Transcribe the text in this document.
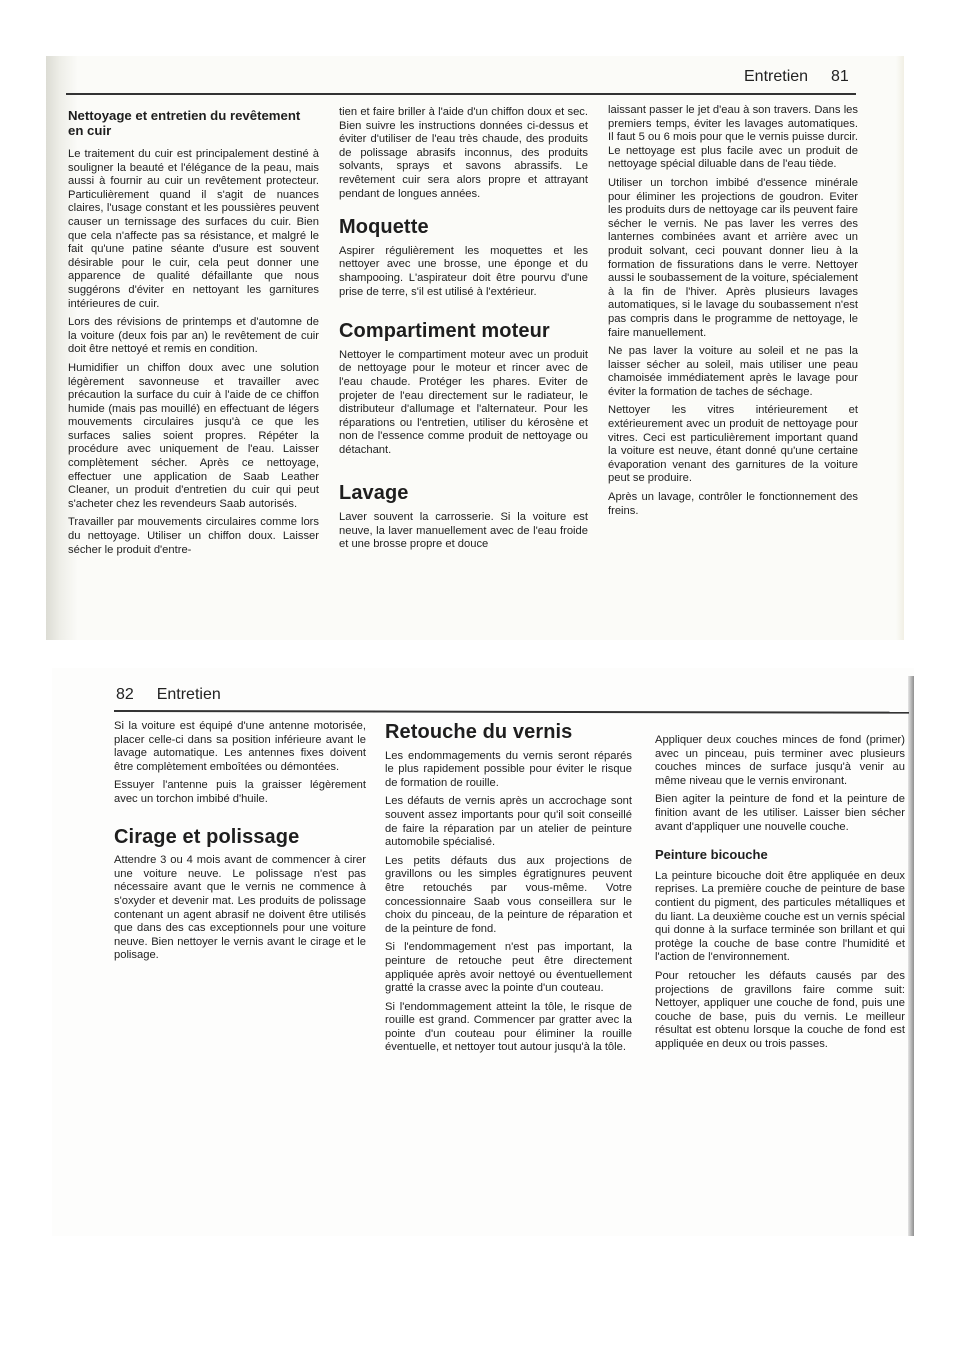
Entretien 81
Nettoyage et entretien du revêtement en cuir

Le traitement du cuir est principalement destiné à souligner la beauté et l'élégance de la peau, mais aussi à fournir au cuir un revêtement protecteur. Particulièrement quand il s'agit de nuances claires, l'usage constant et les poussières peuvent causer un ternissage des surfaces du cuir. Bien que cela n'affecte pas sa résistance, et malgré le fait qu'une patine séante d'usure est souvent désirable pour le cuir, cela peut donner une apparence de qualité défaillante que nous suggérons d'éviter en nettoyant les garnitures intérieures de cuir.

Lors des révisions de printemps et d'automne de la voiture (deux fois par an) le revêtement de cuir doit être nettoyé et remis en condition.

Humidifier un chiffon doux avec une solution légèrement savonneuse et travailler avec précaution la surface du cuir à l'aide de ce chiffon humide (mais pas mouillé) en effectuant de légers mouvements circulaires jusqu'à ce que les surfaces salies soient propres. Répéter la procédure avec uniquement de l'eau. Laisser complètement sécher. Après ce nettoyage, effectuer une application de Saab Leather Cleaner, un produit d'entretien du cuir qui peut s'acheter chez les revendeurs Saab autorisés.

Travailler par mouvements circulaires comme lors du nettoyage. Utiliser un chiffon doux. Laisser sécher le produit d'entre-

tien et faire briller à l'aide d'un chiffon doux et sec. Bien suivre les instructions données ci-dessus et éviter d'utiliser de l'eau très chaude, des produits de polissage abrasifs inconnus, des produits solvants, sprays et savons abrassifs. Le revêtement cuir sera alors propre et attrayant pendant de longues années.

Moquette

Aspirer régulièrement les moquettes et les nettoyer avec une brosse, une éponge et du shampooing. L'aspirateur doit être pourvu d'une prise de terre, s'il est utilisé à l'extérieur.

Compartiment moteur

Nettoyer le compartiment moteur avec un produit de nettoyage pour le moteur et rincer avec de l'eau chaude. Protéger les phares. Eviter de projeter de l'eau directement sur le radiateur, le distributeur d'allumage et l'alternateur. Pour les réparations ou l'entretien, utiliser du kérosène et non de l'essence comme produit de nettoyage ou détachant.

Lavage

Laver souvent la carrosserie. Si la voiture est neuve, la laver manuellement avec de l'eau froide et une brosse propre et douce

laissant passer le jet d'eau à son travers. Dans les premiers temps, éviter les lavages automatiques. Il faut 5 ou 6 mois pour que le vernis puisse durcir. Le nettoyage est plus facile avec un produit de nettoyage spécial diluable dans de l'eau tiède.

Utiliser un torchon imbibé d'essence minérale pour éliminer les projections de goudron. Eviter les produits durs de nettoyage car ils peuvent faire sécher le vernis. Ne pas laver les verres des lanternes combinées avant et arrière avec un produit solvant, ceci pouvant donner lieu à la formation de fissurations dans le verre. Nettoyer aussi le soubassement de la voiture, spécialement à la fin de l'hiver. Après plusieurs lavages automatiques, si le lavage du soubassement n'est pas compris dans le programme de nettoyage, le faire manuellement.

Ne pas laver la voiture au soleil et ne pas la laisser sécher au soleil, mais utiliser une peau chamoisée immédiatement après le lavage pour éviter la formation de taches de séchage.

Nettoyer les vitres intérieurement et extérieurement avec un produit de nettoyage pour vitres. Ceci est particulièrement important quand la voiture est neuve, étant donné qu'une certaine évaporation venant des garnitures de la voiture peut se produire.

Après un lavage, contrôler le fonctionnement des freins.

82 Entretien

Si la voiture est équipé d'une antenne motorisée, placer celle-ci dans sa position inférieure avant le lavage automatique. Les antennes fixes doivent être complètement emboîtées ou démontées.

Essuyer l'antenne puis la graisser légèrement avec un torchon imbibé d'huile.

Cirage et polissage

Attendre 3 ou 4 mois avant de commencer à cirer une voiture neuve. Le polissage n'est pas nécessaire avant que le vernis ne commence à s'oxyder et devenir mat. Les produits de polissage contenant un agent abrasif ne doivent être utilisés que dans des cas exceptionnels pour une voiture neuve. Bien nettoyer le vernis avant le cirage et le polisage.

Retouche du vernis

Les endommagements du vernis seront réparés le plus rapidement possible pour éviter le risque de formation de rouille.

Les défauts de vernis après un accrochage sont souvent assez importants pour qu'il soit conseillé de faire la réparation par un atelier de peinture automobile spécialisé.

Les petits défauts dus aux projections de gravillons ou les simples égratignures peuvent être retouchés par vous-même. Votre concessionnaire Saab vous conseillera sur le choix du pinceau, de la peinture de réparation et de la peinture de fond.

Si l'endommagement n'est pas important, la peinture de retouche peut être directement appliquée après avoir nettoyé ou éventuellement gratté la crasse avec la pointe d'un couteau.

Si l'endommagement atteint la tôle, le risque de rouille est grand. Commencer par gratter avec la pointe d'un couteau pour éliminer la rouille éventuelle, et nettoyer tout autour jusqu'à la tôle.

Appliquer deux couches minces de fond (primer) avec un pinceau, puis terminer avec plusieurs couches minces de surface jusqu'à venir au même niveau que le vernis environant.

Bien agiter la peinture de fond et la peinture de finition avant de les utiliser. Laisser bien sécher avant d'appliquer une nouvelle couche.

Peinture bicouche

La peinture bicouche doit être appliquée en deux reprises. La première couche de peinture de base contient du pigment, des particules métalliques et du liant. La deuxième couche est un vernis spécial qui donne à la surface terminée son brillant et qui protège la couche de base contre l'humidité et l'action de l'environnement.

Pour retoucher les défauts causés par des projections de gravillons faire comme suit: Nettoyer, appliquer une couche de fond, puis une couche de base, puis du vernis. Le meilleur résultat est obtenu lorsque la couche de fond est appliquée en deux ou trois passes.
